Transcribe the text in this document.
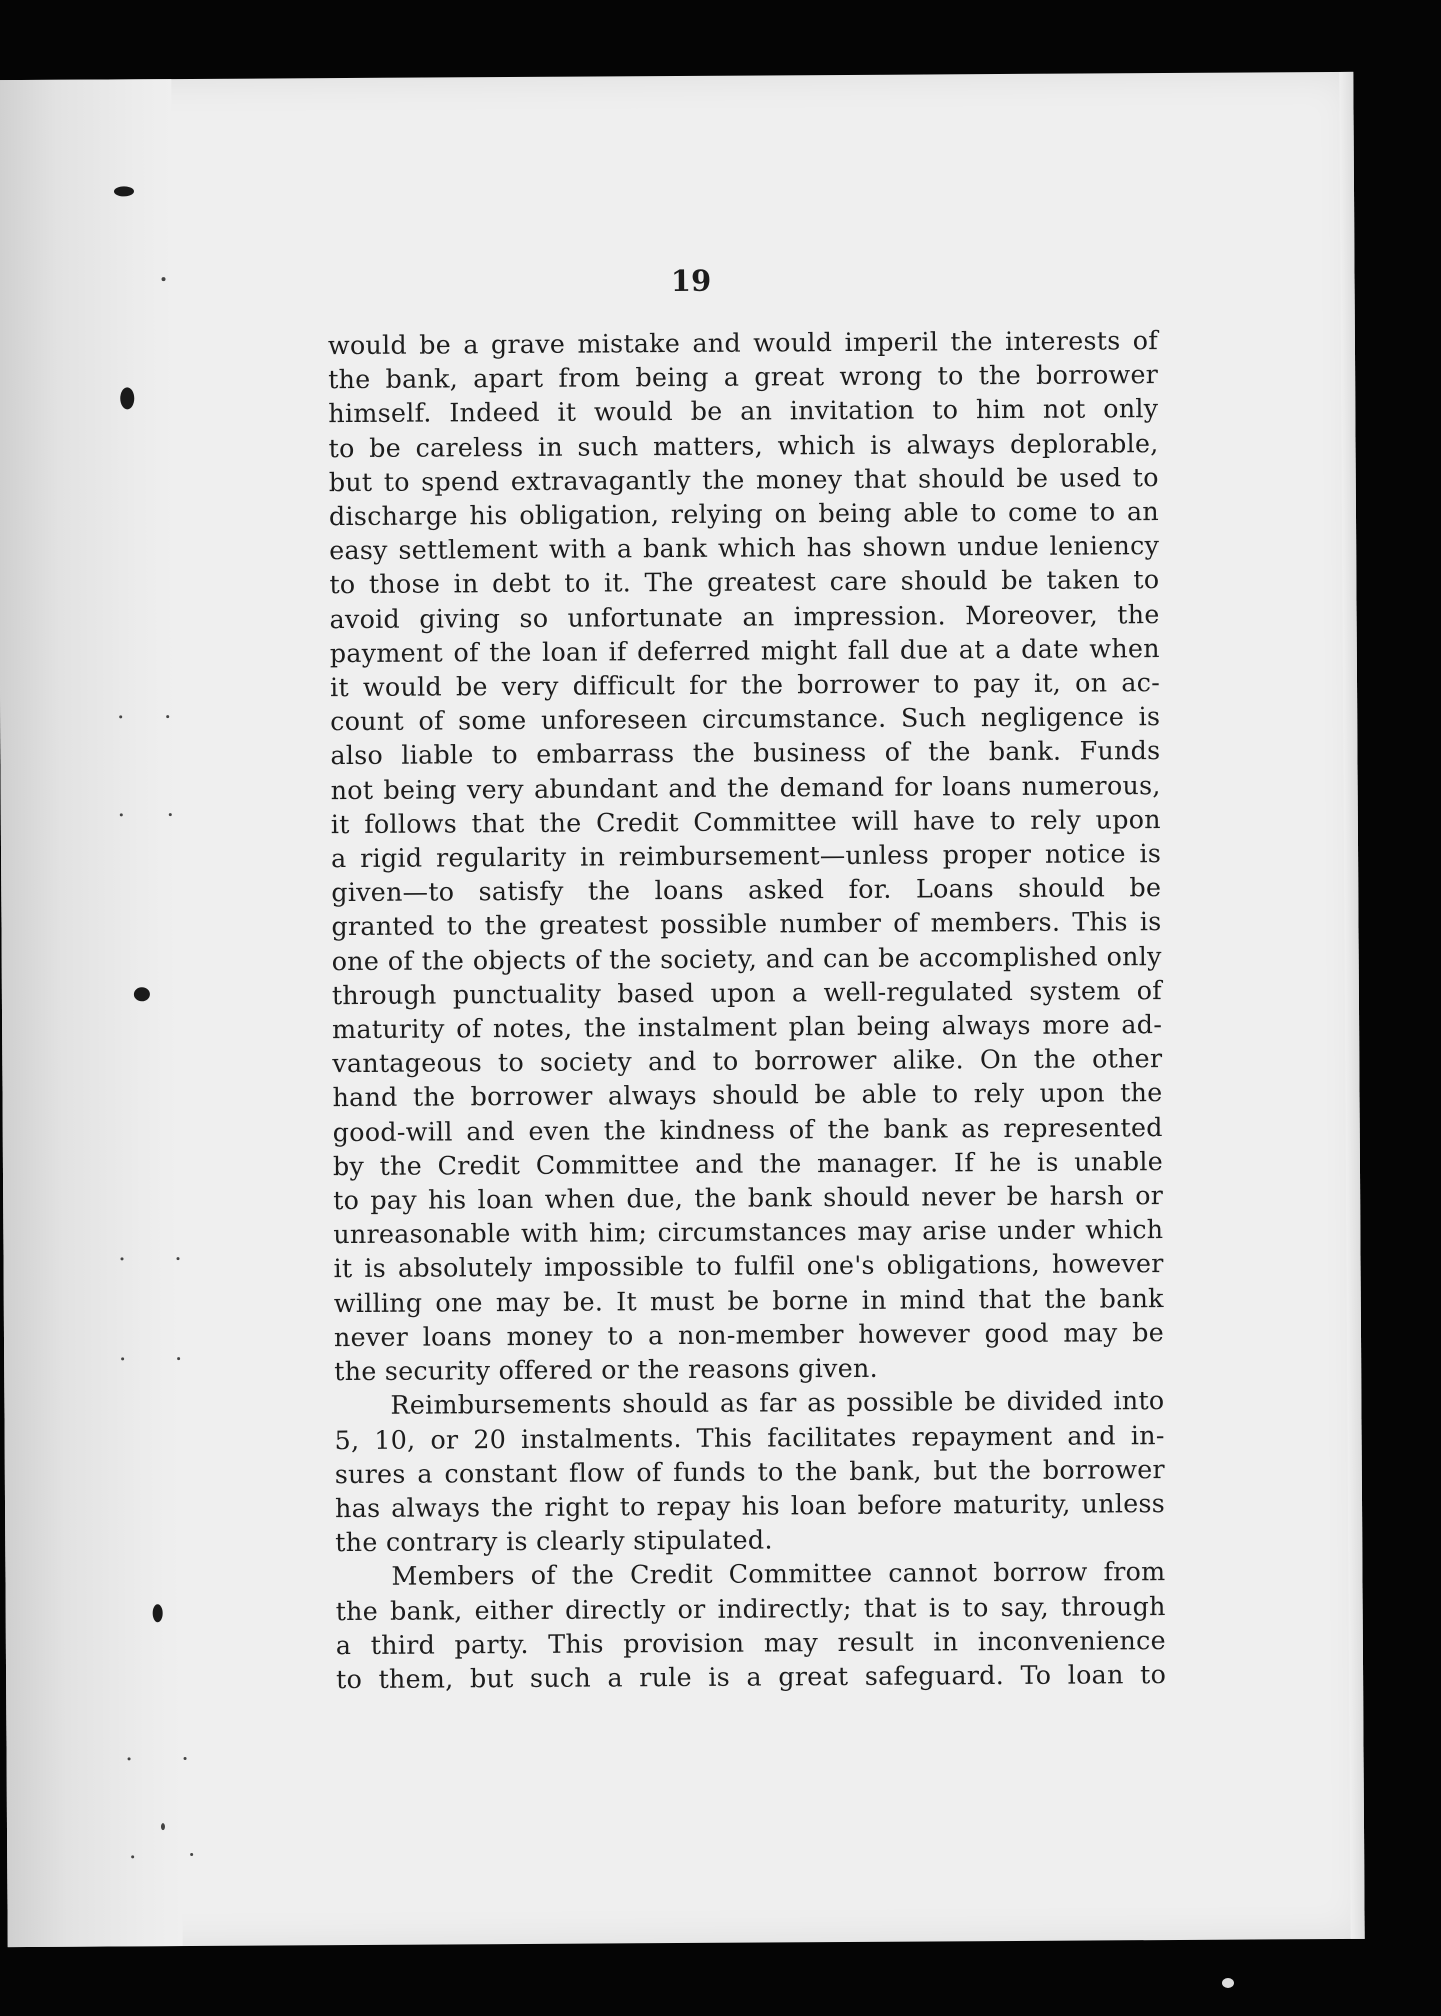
19
would be a grave mistake and would imperil the interests of
the bank, apart from being a great wrong to the borrower
himself. Indeed it would be an invitation to him not only
to be careless in such matters, which is always deplorable,
but to spend extravagantly the money that should be used to
discharge his obligation, relying on being able to come to an
easy settlement with a bank which has shown undue leniency
to those in debt to it. The greatest care should be taken to
avoid giving so unfortunate an impression. Moreover, the
payment of the loan if deferred might fall due at a date when
it would be very difficult for the borrower to pay it, on ac-
count of some unforeseen circumstance. Such negligence is
also liable to embarrass the business of the bank. Funds
not being very abundant and the demand for loans numerous,
it follows that the Credit Committee will have to rely upon
a rigid regularity in reimbursement—unless proper notice is
given—to satisfy the loans asked for. Loans should be
granted to the greatest possible number of members. This is
one of the objects of the society, and can be accomplished only
through punctuality based upon a well-regulated system of
maturity of notes, the instalment plan being always more ad-
vantageous to society and to borrower alike. On the other
hand the borrower always should be able to rely upon the
good-will and even the kindness of the bank as represented
by the Credit Committee and the manager. If he is unable
to pay his loan when due, the bank should never be harsh or
unreasonable with him; circumstances may arise under which
it is absolutely impossible to fulfil one's obligations, however
willing one may be. It must be borne in mind that the bank
never loans money to a non-member however good may be
the security offered or the reasons given.
Reimbursements should as far as possible be divided into
5, 10, or 20 instalments. This facilitates repayment and in-
sures a constant flow of funds to the bank, but the borrower
has always the right to repay his loan before maturity, unless
the contrary is clearly stipulated.
Members of the Credit Committee cannot borrow from
the bank, either directly or indirectly; that is to say, through
a third party. This provision may result in inconvenience
to them, but such a rule is a great safeguard. To loan to
